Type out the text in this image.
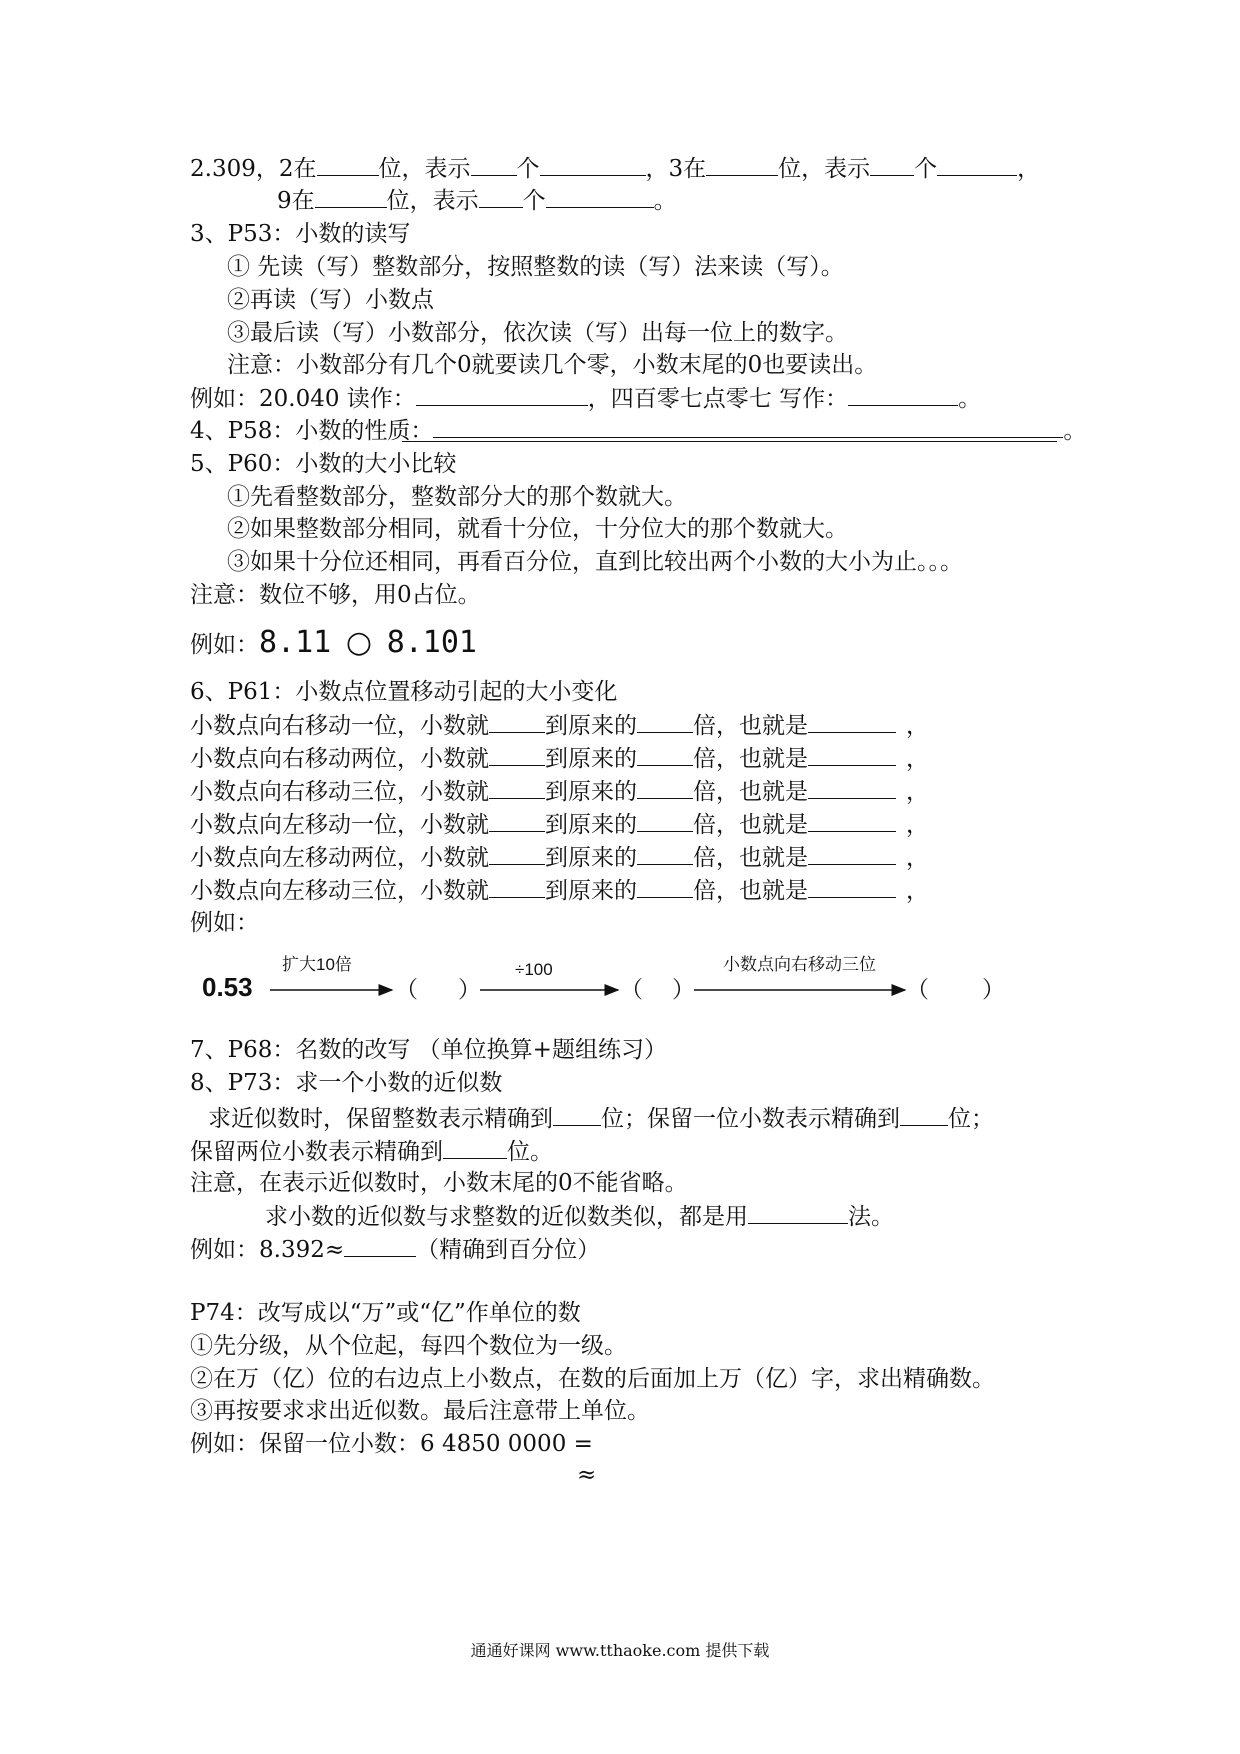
2.309，2在	位，表示 个	，3在	位，表示 个	，
9在	位，表示 个	。
3、P53：小数的读写
① 先读（写）整数部分，按照整数的读（写）法来读（写）。
②再读（写）小数点
③最后读（写）小数部分，依次读（写）出每一位上的数字。
注意：小数部分有几个0就要读几个零，小数末尾的0也要读出。
例如：20.040 读作：	，四百零七点零七 写作：	。
4、P58：小数的性质：	。
5、P60：小数的大小比较
①先看整数部分，整数部分大的那个数就大。
②如果整数部分相同，就看十分位，十分位大的那个数就大。
③如果十分位还相同，再看百分位，直到比较出两个小数的大小为止。。。
注意：数位不够，用0占位。
例如：8.11 ○ 8.101
6、P61：小数点位置移动引起的大小变化
小数点向右移动一位，小数就 到原来的 倍，也就是	，
小数点向右移动两位，小数就 到原来的 倍，也就是	，
小数点向右移动三位，小数就 到原来的 倍，也就是	，
小数点向左移动一位，小数就 到原来的 倍，也就是	，
小数点向左移动两位，小数就 到原来的 倍，也就是	，
小数点向左移动三位，小数就 到原来的 倍，也就是	，
例如：
0.53
扩大10倍	÷100	小数点向右移动三位
（ ）	（ ）	（ ）
7、P68：名数的改写 （单位换算+题组练习）
8、P73：求一个小数的近似数
求近似数时，保留整数表示精确到 位；保留一位小数表示精确到 位；
保留两位小数表示精确到	位。
注意，在表示近似数时，小数末尾的0不能省略。
求小数的近似数与求整数的近似数类似，都是用	法。
例如：8.392≈	（精确到百分位）
P74：改写成以“万”或“亿”作单位的数
①先分级，从个位起，每四个数位为一级。
②在万（亿）位的右边点上小数点，在数的后面加上万（亿）字，求出精确数。
③再按要求求出近似数。最后注意带上单位。
例如：保留一位小数：6 4850 0000 =
≈
通通好课网 www.tthaoke.com 提供下载
